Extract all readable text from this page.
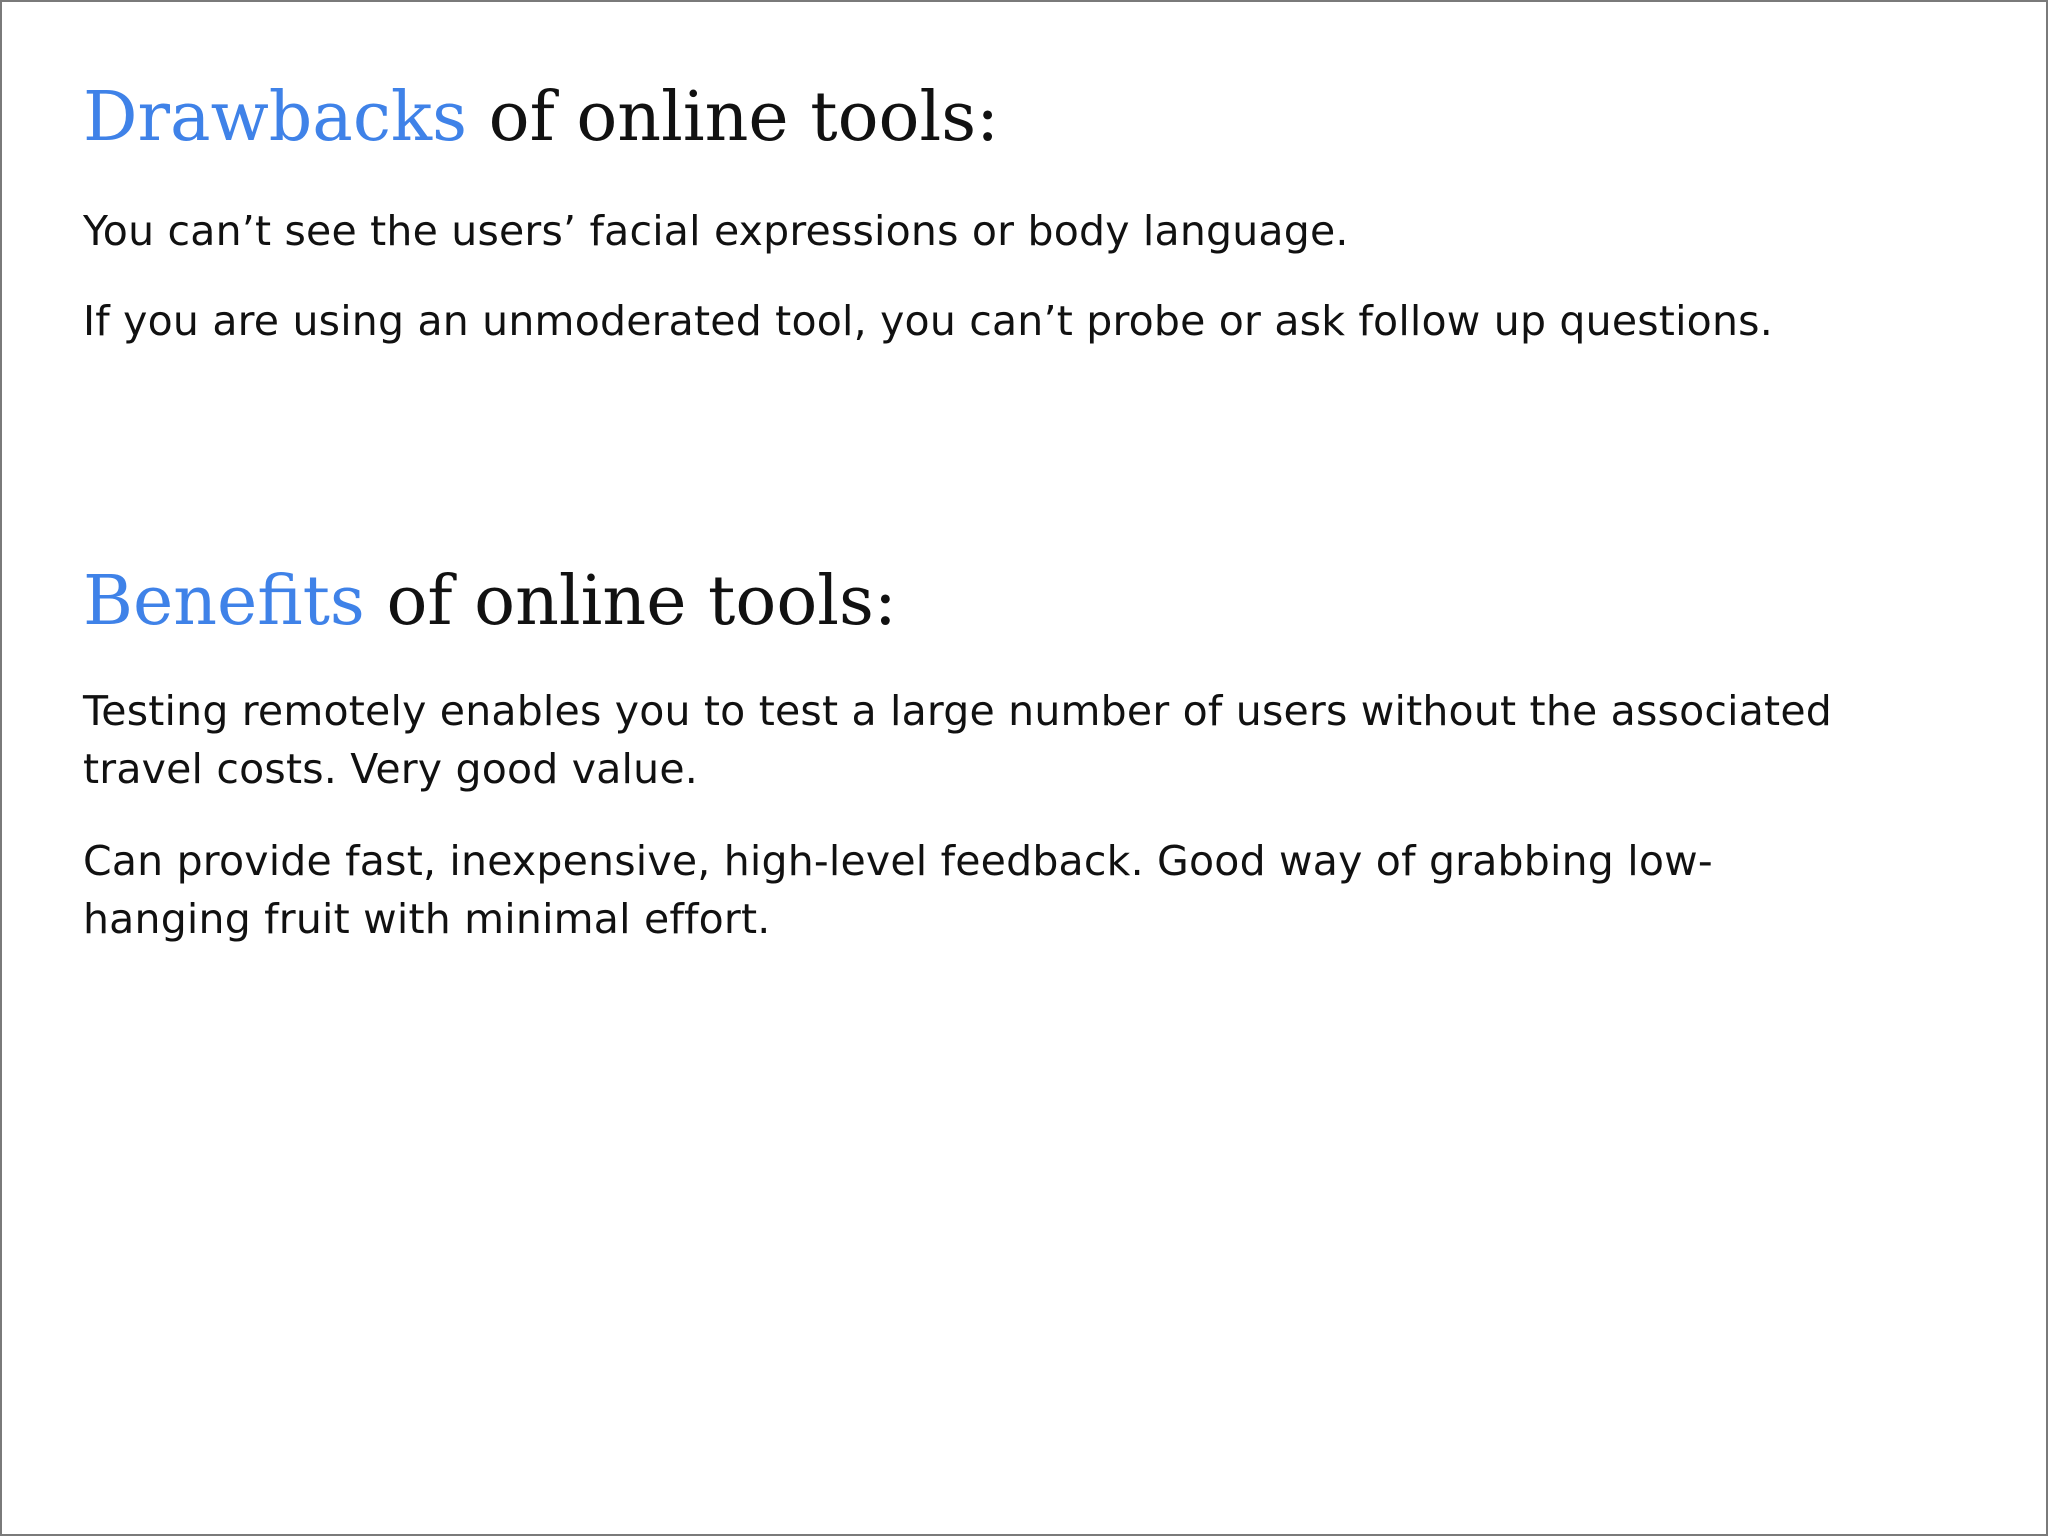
Drawbacks of online tools:

You can’t see the users’ facial expressions or body language.

If you are using an unmoderated tool, you can’t probe or ask follow up questions.

Benefits of online tools:

Testing remotely enables you to test a large number of users without the associated travel costs. Very good value.

Can provide fast, inexpensive, high-level feedback. Good way of grabbing low-hanging fruit with minimal effort.
